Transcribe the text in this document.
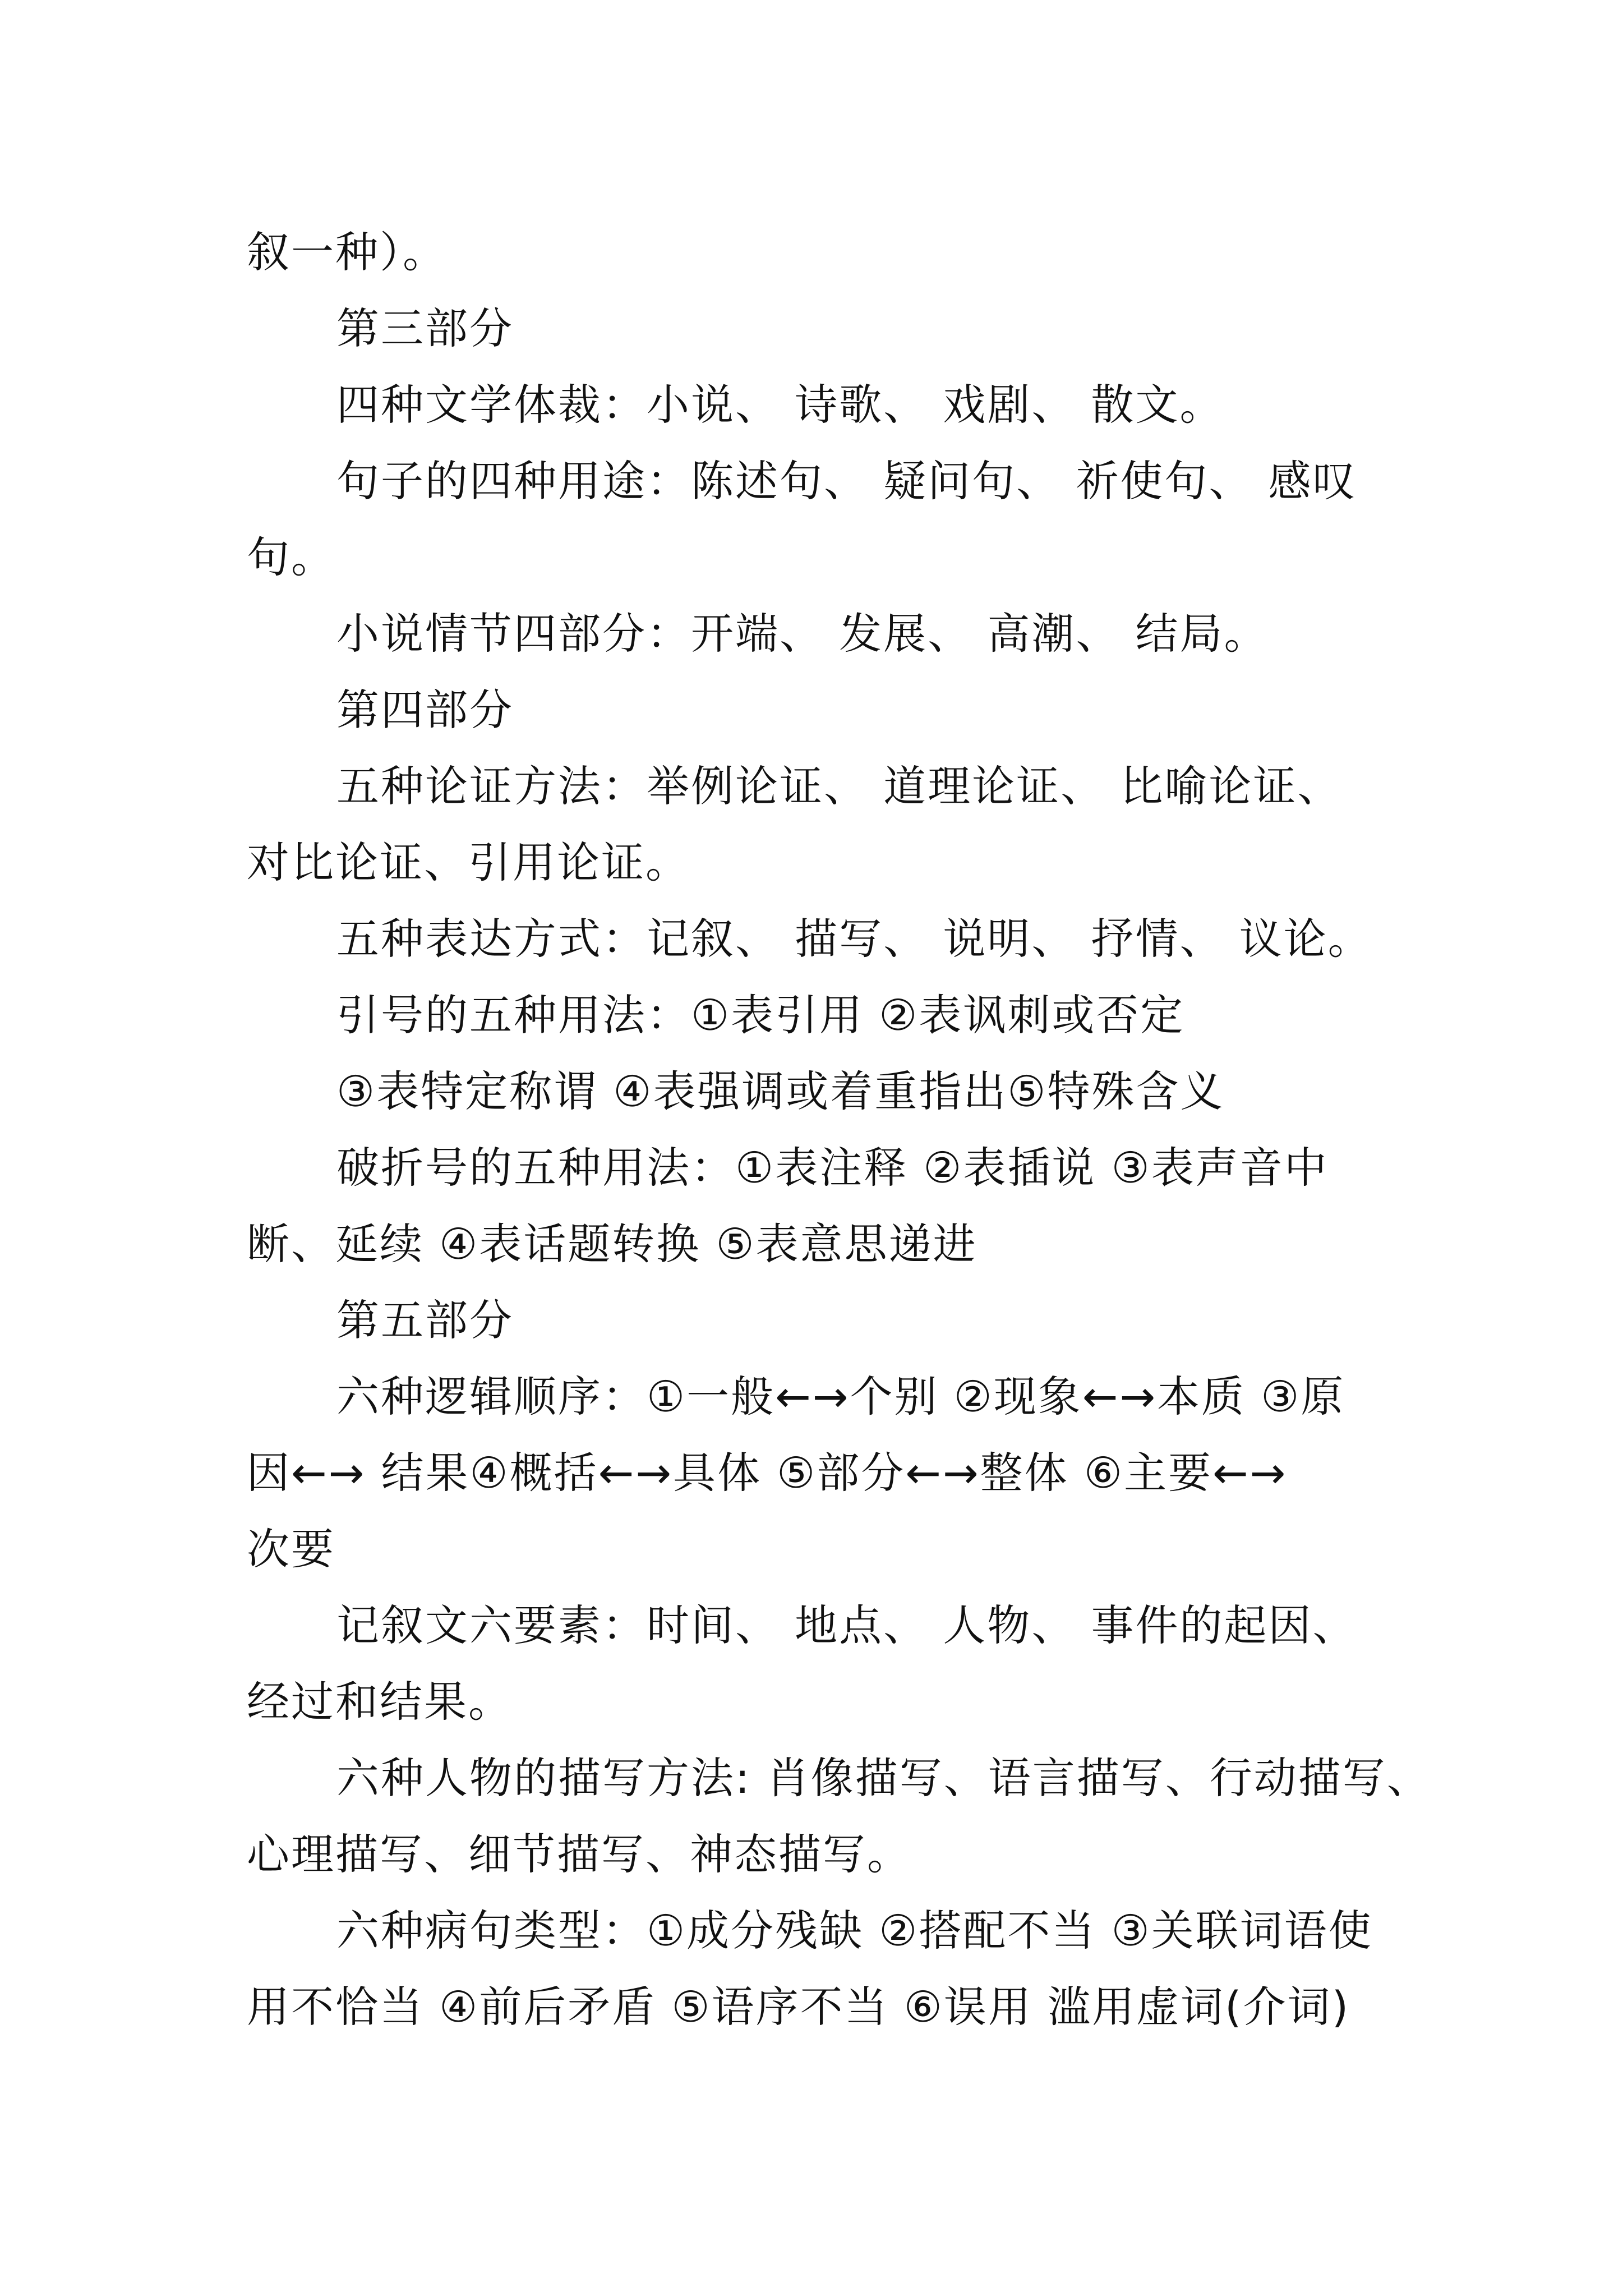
叙一种）。
第三部分
四种文学体裁：小说、 诗歌、 戏剧、 散文。
句子的四种用途：陈述句、 疑问句、 祈使句、 感叹
句。
小说情节四部分：开端、 发展、 高潮、 结局。
第四部分
五种论证方法：举例论证、 道理论证、 比喻论证、
对比论证、引用论证。
五种表达方式：记叙、 描写、 说明、 抒情、 议论。
引号的五种用法：①表引用 ②表讽刺或否定
③表特定称谓 ④表强调或着重指出⑤特殊含义
破折号的五种用法：①表注释 ②表插说 ③表声音中
断、延续 ④表话题转换 ⑤表意思递进
第五部分
六种逻辑顺序：①一般←→个别 ②现象←→本质 ③原
因←→ 结果④概括←→具体 ⑤部分←→整体 ⑥主要←→
次要
记叙文六要素：时间、 地点、 人物、 事件的起因、
经过和结果。
六种人物的描写方法: 肖像描写、语言描写、行动描写、
心理描写、细节描写、神态描写。
六种病句类型：①成分残缺 ②搭配不当 ③关联词语使
用不恰当 ④前后矛盾 ⑤语序不当 ⑥误用 滥用虚词(介词)
